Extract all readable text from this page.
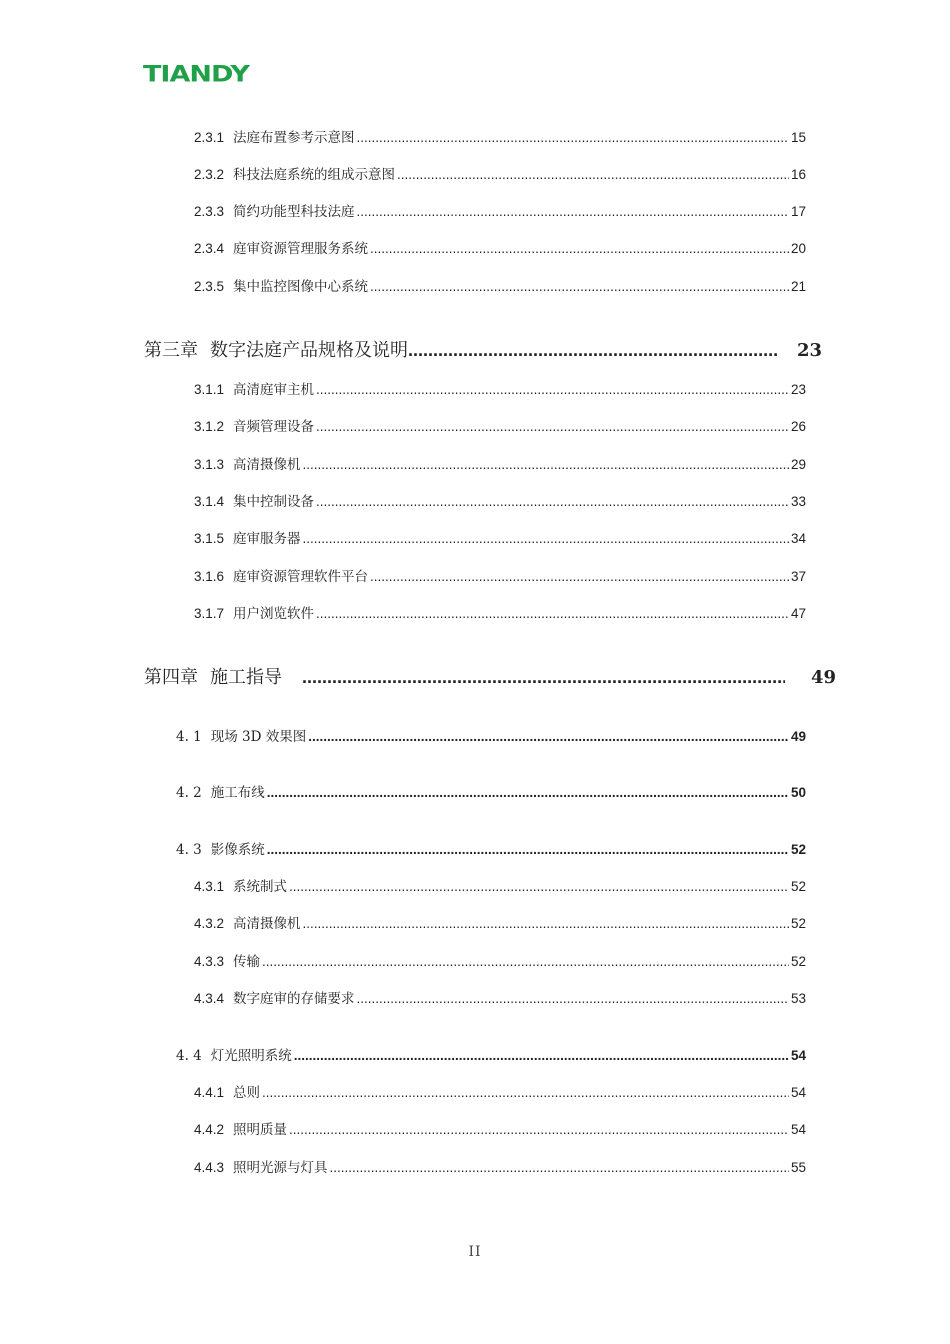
TIANDY
2.3.1 法庭布置参考示意图 .....	15
2.3.2 科技法庭系统的组成示意图 .....	16
2.3.3 简约功能型科技法庭 .....	17
2.3.4 庭审资源管理服务系统 .....	20
2.3.5 集中监控图像中心系统 .....	21
第三章 数字法庭产品规格及说明 .....	23
3.1.1 高清庭审主机 .....	23
3.1.2 音频管理设备 .....	26
3.1.3 高清摄像机 .....	29
3.1.4 集中控制设备 .....	33
3.1.5 庭审服务器 .....	34
3.1.6 庭审资源管理软件平台 .....	37
3.1.7 用户浏览软件 .....	47
第四章 施工指导 .....	49
4. 1 现场 3D 效果图 .....	49
4. 2 施工布线 .....	50
4. 3 影像系统 .....	52
4.3.1 系统制式 .....	52
4.3.2 高清摄像机 .....	52
4.3.3 传输 .....	52
4.3.4 数字庭审的存储要求 .....	53
4. 4 灯光照明系统 .....	54
4.4.1 总则 .....	54
4.4.2 照明质量 .....	54
4.4.3 照明光源与灯具 .....	55
II
